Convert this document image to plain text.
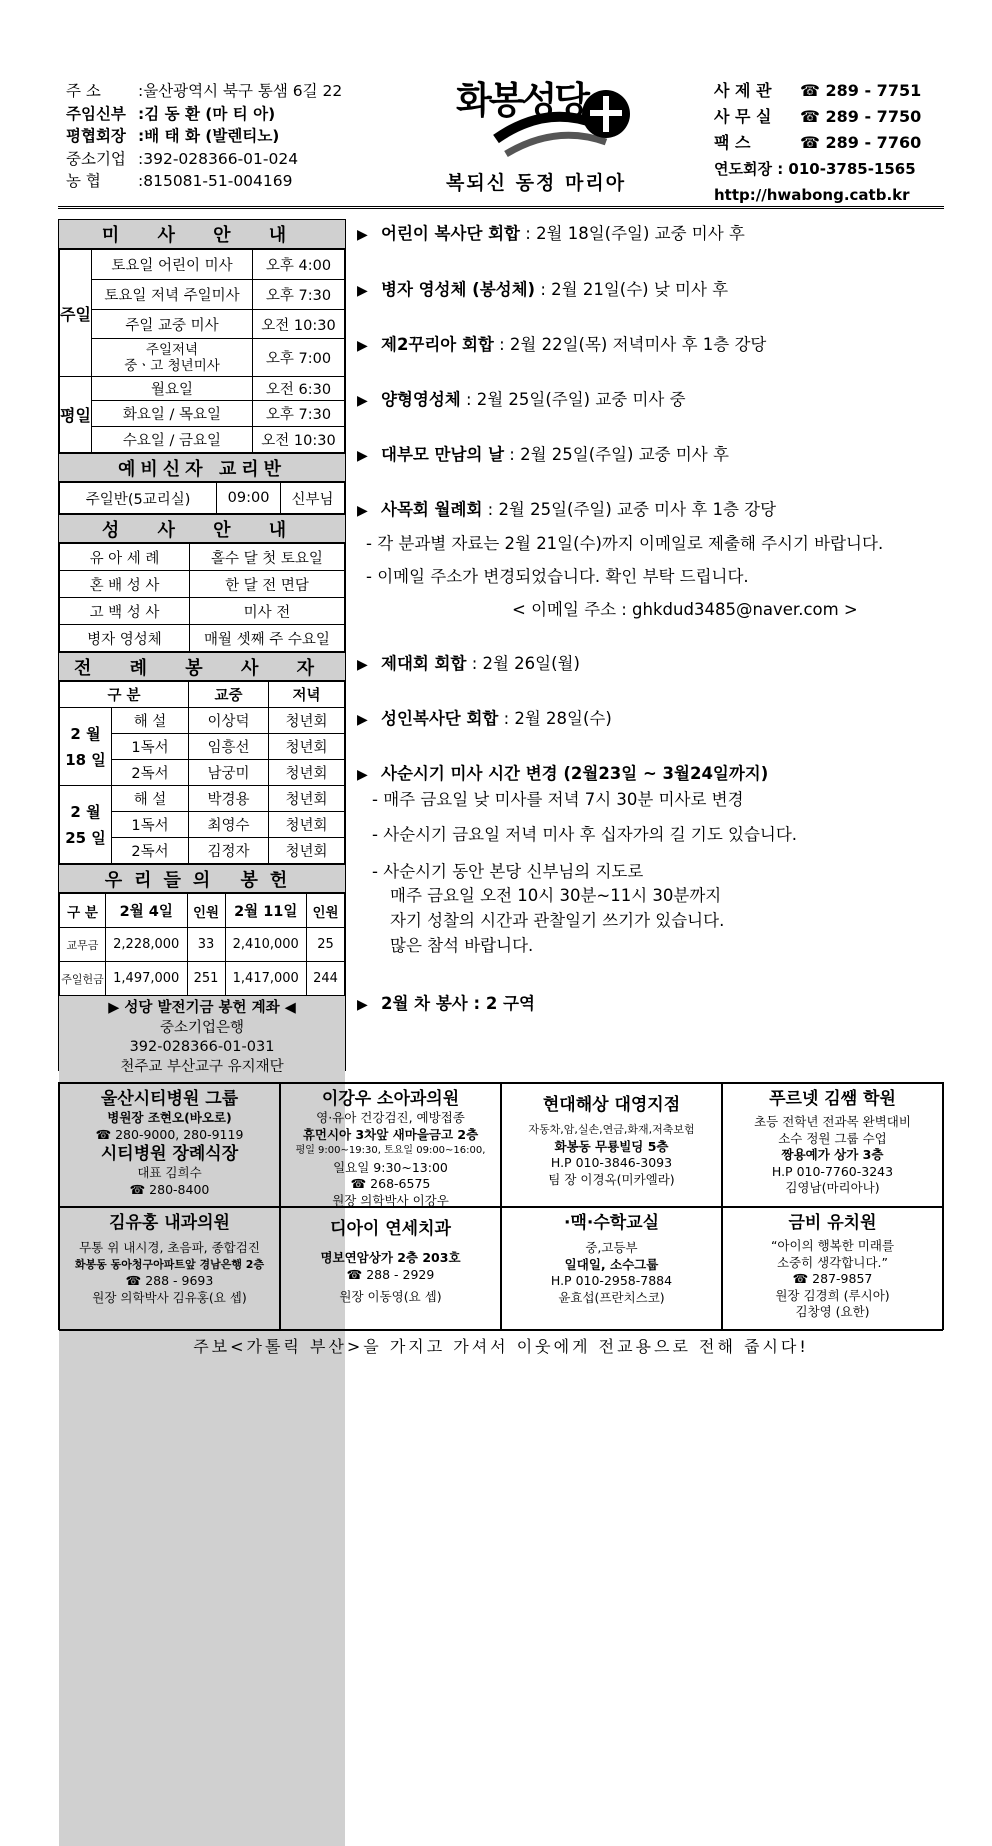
주 소	: 울산광역시 북구 통샘 6길 22
주임신부 : 김 동 환 (마 티 아)
평협회장 : 배 태 화 (발렌티노)
중소기업 : 392-028366-01-024
농 협	: 815081-51-004169
화봉성당
복되신 동정 마리아
사 제 관 ☎ 289 - 7751
사 무 실 ☎ 289 - 7750
팩 스	☎ 289 - 7760
연도회장 : 010-3785-1565
http://hwabong.catb.kr
미 사 안 내
주일	토요일 어린이 미사	오후 4:00
	토요일 저녁 주일미사	오후 7:30
	주일 교중 미사	오전 10:30

	주일저녁
중ㆍ고 청년미사	오후 7:00
평일	월요일	오전 6:30
	화요일 / 목요일	오후 7:30
	수요일 / 금요일	오전 10:30
예비신자 교리반
주일반(5교리실)	09:00	신부님
성 사 안 내
유 아 세 례	홀수 달 첫 토요일
혼 배 성 사	한 달 전 면담
고 백 성 사	미사 전
병자 영성체	매월 셋째 주 수요일
전 례 봉 사 자
구 분		교중	저녁

2 월
18 일	해 설	이상덕	청년회
	1독서	임흥선	청년회
	2독서	남궁미	청년회

2 월
25 일	해 설	박경용	청년회
	1독서	최영수	청년회
	2독서	김정자	청년회
우리들의 봉헌
구 분	2월 4일	인원	2월 11일	인원
교무금	2,228,000	33	2,410,000	25
주일헌금	1,497,000	251	1,417,000	244
▶ 성당 발전기금 봉헌 계좌 ◀
중소기업은행
392-028366-01-031
천주교 부산교구 유지재단
▶ 어린이 복사단 회합 : 2월 18일(주일) 교중 미사 후
▶ 병자 영성체 (봉성체) : 2월 21일(수) 낮 미사 후
▶ 제2꾸리아 회합 : 2월 22일(목) 저녁미사 후 1층 강당
▶ 양형영성체 : 2월 25일(주일) 교중 미사 중
▶ 대부모 만남의 날 : 2월 25일(주일) 교중 미사 후
▶ 사목회 월례회 : 2월 25일(주일) 교중 미사 후 1층 강당
- 각 분과별 자료는 2월 21일(수)까지 이메일로 제출해 주시기 바랍니다.
- 이메일 주소가 변경되었습니다. 확인 부탁 드립니다.
< 이메일 주소 : ghkdud3485@naver.com >
▶ 제대회 회합 : 2월 26일(월)
▶ 성인복사단 회합 : 2월 28일(수)
▶ 사순시기 미사 시간 변경 (2월23일 ~ 3월24일까지)
- 매주 금요일 낮 미사를 저녁 7시 30분 미사로 변경
- 사순시기 금요일 저녁 미사 후 십자가의 길 기도 있습니다.
- 사순시기 동안 본당 신부님의 지도로
매주 금요일 오전 10시 30분~11시 30분까지
자기 성찰의 시간과 관찰일기 쓰기가 있습니다.
많은 참석 바랍니다.
▶ 2월 차 봉사 : 2 구역
울산시티병원 그룹
병원장 조현오(바오로)
☎ 280-9000, 280-9119
시티병원 장례식장
대표 김희수
☎ 280-8400
이강우 소아과의원
영·유아 건강검진, 예방접종
휴먼시아 3차앞 새마을금고 2층
평일 9:00~19:30, 토요일 09:00~16:00,
일요일 9:30~13:00
☎ 268-6575
원장 의학박사 이강우
현대해상 대영지점
자동차,암,실손,연금,화재,저축보험
화봉동 무룡빌딩 5층
H.P 010-3846-3093
팀 장 이경옥(미카엘라)
푸르넷 김쌤 학원
초등 전학년 전과목 완벽대비
소수 정원 그룹 수업
짱용예가 상가 3층
H.P 010-7760-3243
김영남(마리아나)
김유홍 내과의원
무통 위 내시경, 초음파, 종합검진
화봉동 동아청구아파트앞 경남은행 2층
☎ 288 - 9693
원장 의학박사 김유홍(요 셉)
디아이 연세치과
명보연암상가 2층 203호
☎ 288 - 2929
원장 이동영(요 셉)
·맥·수학교실
중,고등부
일대일, 소수그룹
H.P 010-2958-7884
윤효섭(프란치스코)
금비 유치원
“아이의 행복한 미래를
소중히 생각합니다.”
☎ 287-9857
원장 김경희 (루시아)
김창영 (요한)
주보<가톨릭 부산>을 가지고 가셔서 이웃에게 전교용으로 전해 줍시다!
